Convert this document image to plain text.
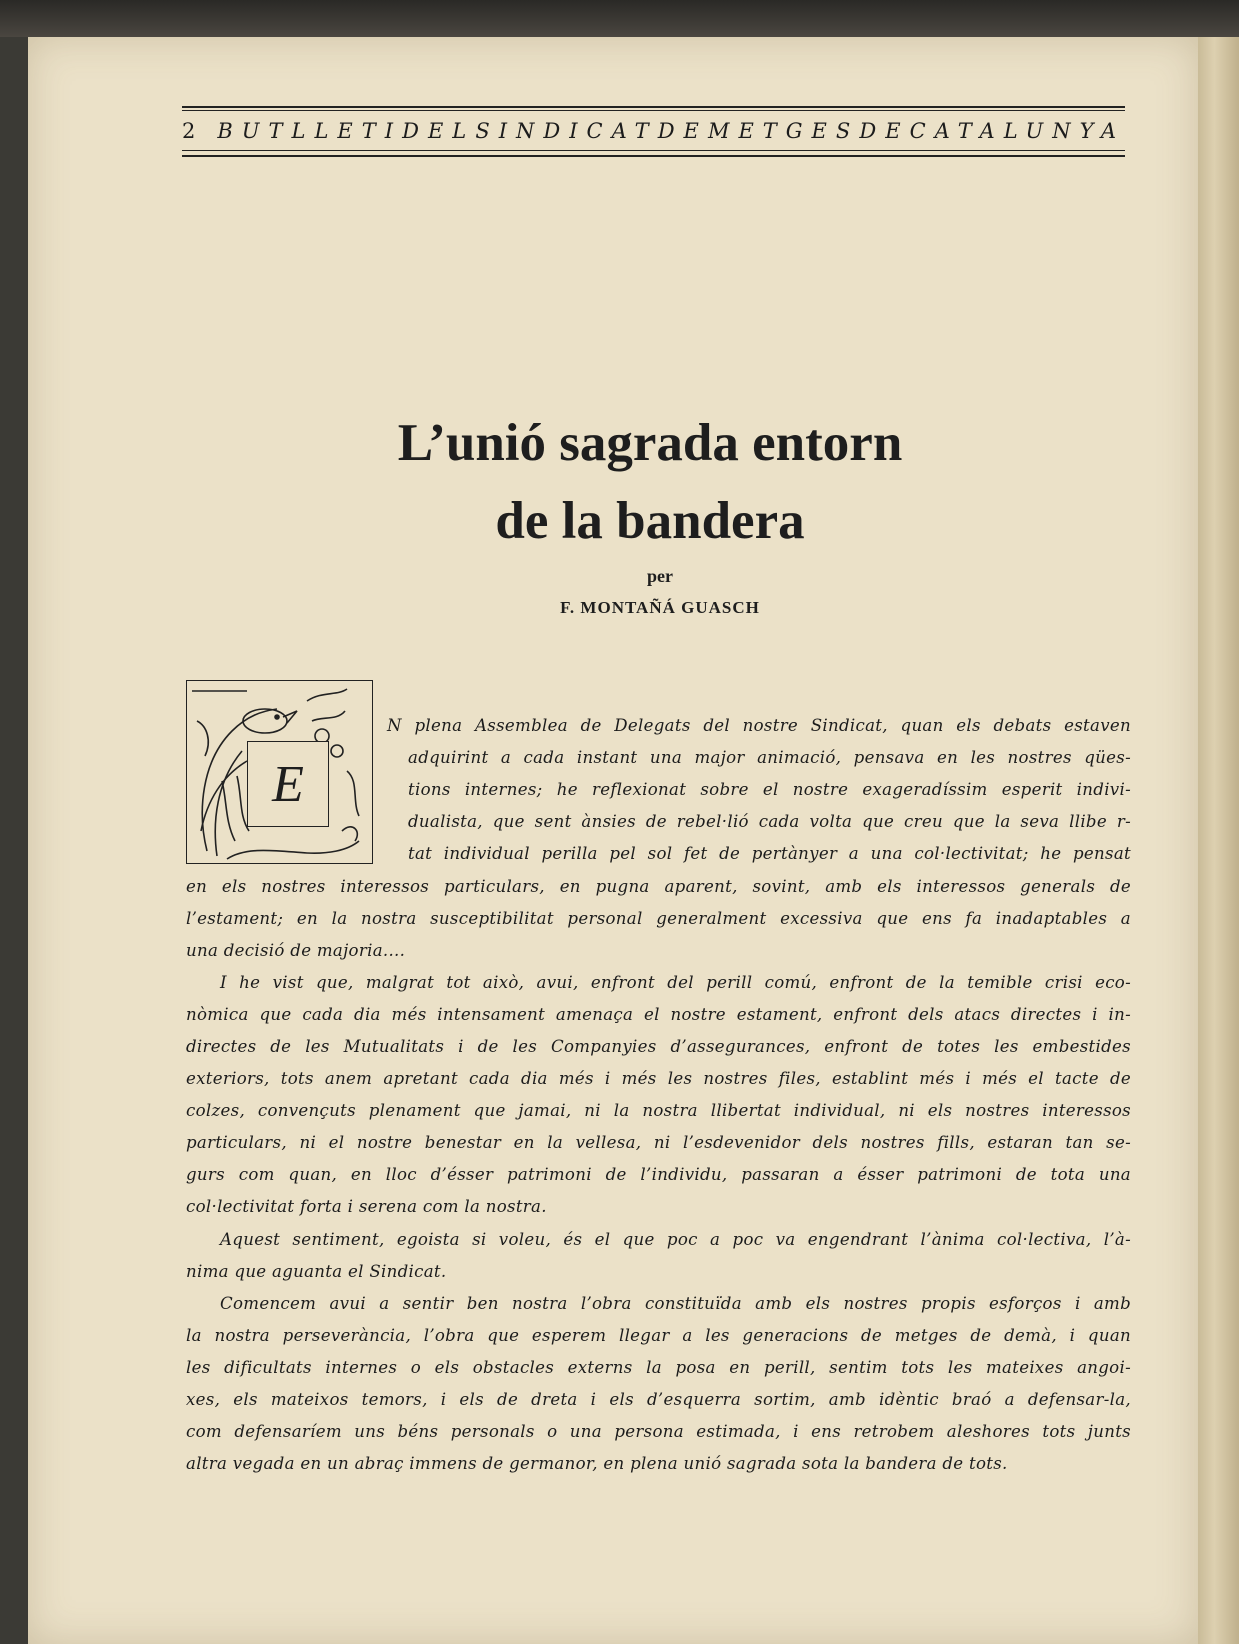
2 BUTLLETI DEL SINDICAT DE METGES DE CATALUNYA
L’unió sagrada entorn
de la bandera
per
F. MONTAÑÁ GUASCH
E
N plena Assemblea de Delegats del nostre Sindicat, quan els debats estaven
adquirint a cada instant una major animació, pensava en les nostres qües-
tions internes; he reflexionat sobre el nostre exageradíssim esperit indivi-
dualista, que sent ànsies de rebel·lió cada volta que creu que la seva llibe r-
tat individual perilla pel sol fet de pertànyer a una col·lectivitat; he pensat
en els nostres interessos particulars, en pugna aparent, sovint, amb els interessos generals de
l’estament; en la nostra susceptibilitat personal generalment excessiva que ens fa inadaptables a
una decisió de majoria....
I he vist que, malgrat tot això, avui, enfront del perill comú, enfront de la temible crisi eco-
nòmica que cada dia més intensament amenaça el nostre estament, enfront dels atacs directes i in-
directes de les Mutualitats i de les Companyies d’assegurances, enfront de totes les embestides
exteriors, tots anem apretant cada dia més i més les nostres files, establint més i més el tacte de
colzes, convençuts plenament que jamai, ni la nostra llibertat individual, ni els nostres interessos
particulars, ni el nostre benestar en la vellesa, ni l’esdevenidor dels nostres fills, estaran tan se-
gurs com quan, en lloc d’ésser patrimoni de l’individu, passaran a ésser patrimoni de tota una
col·lectivitat forta i serena com la nostra.
Aquest sentiment, egoista si voleu, és el que poc a poc va engendrant l’ànima col·lectiva, l’à-
nima que aguanta el Sindicat.
Comencem avui a sentir ben nostra l’obra constituïda amb els nostres propis esforços i amb
la nostra perseverància, l’obra que esperem llegar a les generacions de metges de demà, i quan
les dificultats internes o els obstacles externs la posa en perill, sentim tots les mateixes angoi-
xes, els mateixos temors, i els de dreta i els d’esquerra sortim, amb idèntic braó a defensar-la,
com defensaríem uns béns personals o una persona estimada, i ens retrobem aleshores tots junts
altra vegada en un abraç immens de germanor, en plena unió sagrada sota la bandera de tots.
